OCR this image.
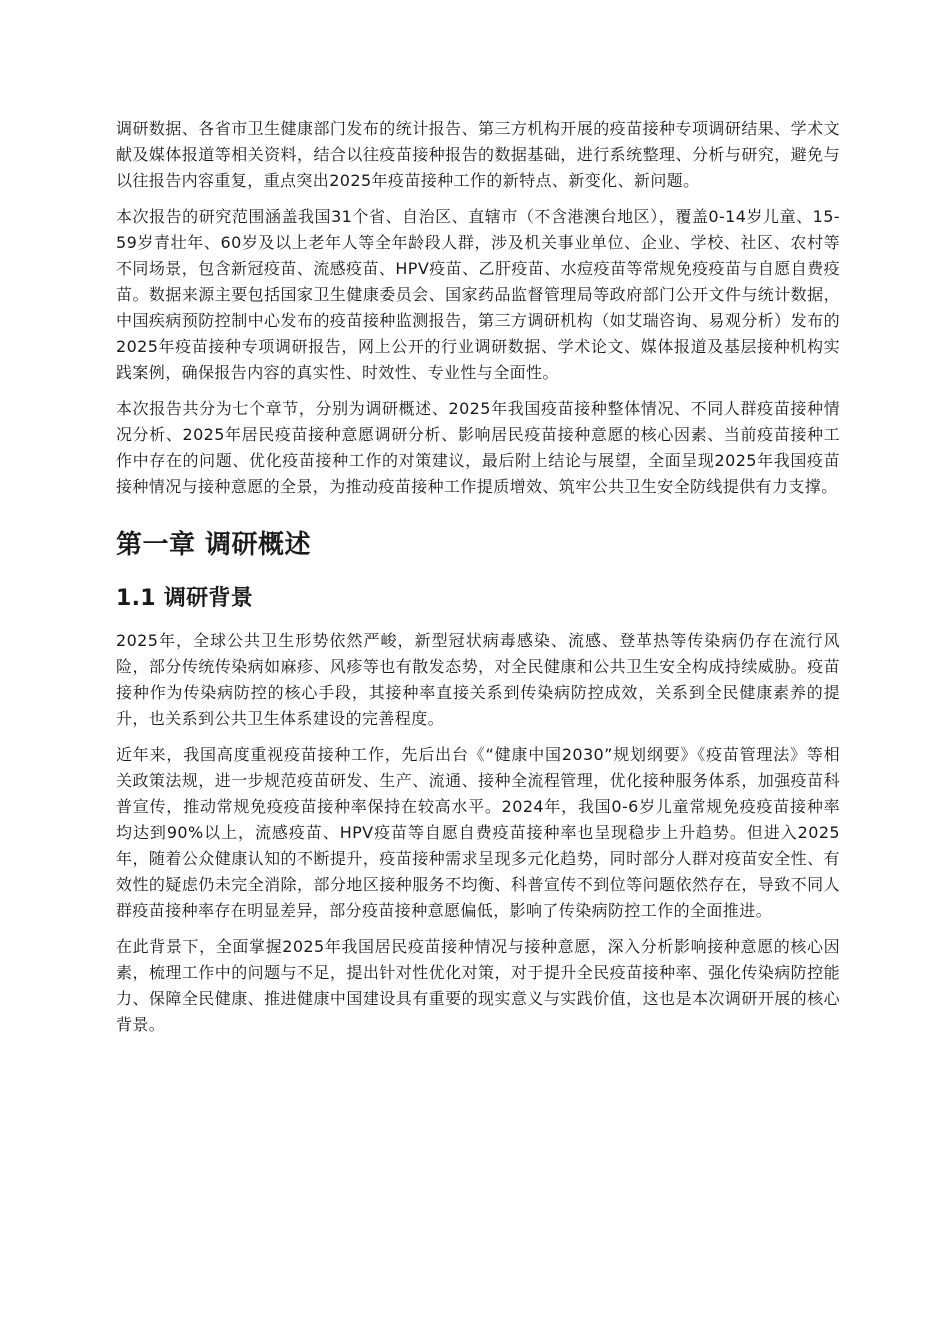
调研数据、各省市卫生健康部门发布的统计报告、第三方机构开展的疫苗接种专项调研结果、学术文献及媒体报道等相关资料，结合以往疫苗接种报告的数据基础，进行系统整理、分析与研究，避免与以往报告内容重复，重点突出2025年疫苗接种工作的新特点、新变化、新问题。

本次报告的研究范围涵盖我国31个省、自治区、直辖市（不含港澳台地区），覆盖0-14岁儿童、15-59岁青壮年、60岁及以上老年人等全年龄段人群，涉及机关事业单位、企业、学校、社区、农村等不同场景，包含新冠疫苗、流感疫苗、HPV疫苗、乙肝疫苗、水痘疫苗等常规免疫疫苗与自愿自费疫苗。数据来源主要包括国家卫生健康委员会、国家药品监督管理局等政府部门公开文件与统计数据，中国疾病预防控制中心发布的疫苗接种监测报告，第三方调研机构（如艾瑞咨询、易观分析）发布的2025年疫苗接种专项调研报告，网上公开的行业调研数据、学术论文、媒体报道及基层接种机构实践案例，确保报告内容的真实性、时效性、专业性与全面性。

本次报告共分为七个章节，分别为调研概述、2025年我国疫苗接种整体情况、不同人群疫苗接种情况分析、2025年居民疫苗接种意愿调研分析、影响居民疫苗接种意愿的核心因素、当前疫苗接种工作中存在的问题、优化疫苗接种工作的对策建议，最后附上结论与展望，全面呈现2025年我国疫苗接种情况与接种意愿的全景，为推动疫苗接种工作提质增效、筑牢公共卫生安全防线提供有力支撑。

第一章 调研概述
1.1 调研背景

2025年，全球公共卫生形势依然严峻，新型冠状病毒感染、流感、登革热等传染病仍存在流行风险，部分传统传染病如麻疹、风疹等也有散发态势，对全民健康和公共卫生安全构成持续威胁。疫苗接种作为传染病防控的核心手段，其接种率直接关系到传染病防控成效，关系到全民健康素养的提升，也关系到公共卫生体系建设的完善程度。

近年来，我国高度重视疫苗接种工作，先后出台《“健康中国2030”规划纲要》《疫苗管理法》等相关政策法规，进一步规范疫苗研发、生产、流通、接种全流程管理，优化接种服务体系，加强疫苗科普宣传，推动常规免疫疫苗接种率保持在较高水平。2024年，我国0-6岁儿童常规免疫疫苗接种率均达到90%以上，流感疫苗、HPV疫苗等自愿自费疫苗接种率也呈现稳步上升趋势。但进入2025年，随着公众健康认知的不断提升，疫苗接种需求呈现多元化趋势，同时部分人群对疫苗安全性、有效性的疑虑仍未完全消除，部分地区接种服务不均衡、科普宣传不到位等问题依然存在，导致不同人群疫苗接种率存在明显差异，部分疫苗接种意愿偏低，影响了传染病防控工作的全面推进。

在此背景下，全面掌握2025年我国居民疫苗接种情况与接种意愿，深入分析影响接种意愿的核心因素，梳理工作中的问题与不足，提出针对性优化对策，对于提升全民疫苗接种率、强化传染病防控能力、保障全民健康、推进健康中国建设具有重要的现实意义与实践价值，这也是本次调研开展的核心背景。
